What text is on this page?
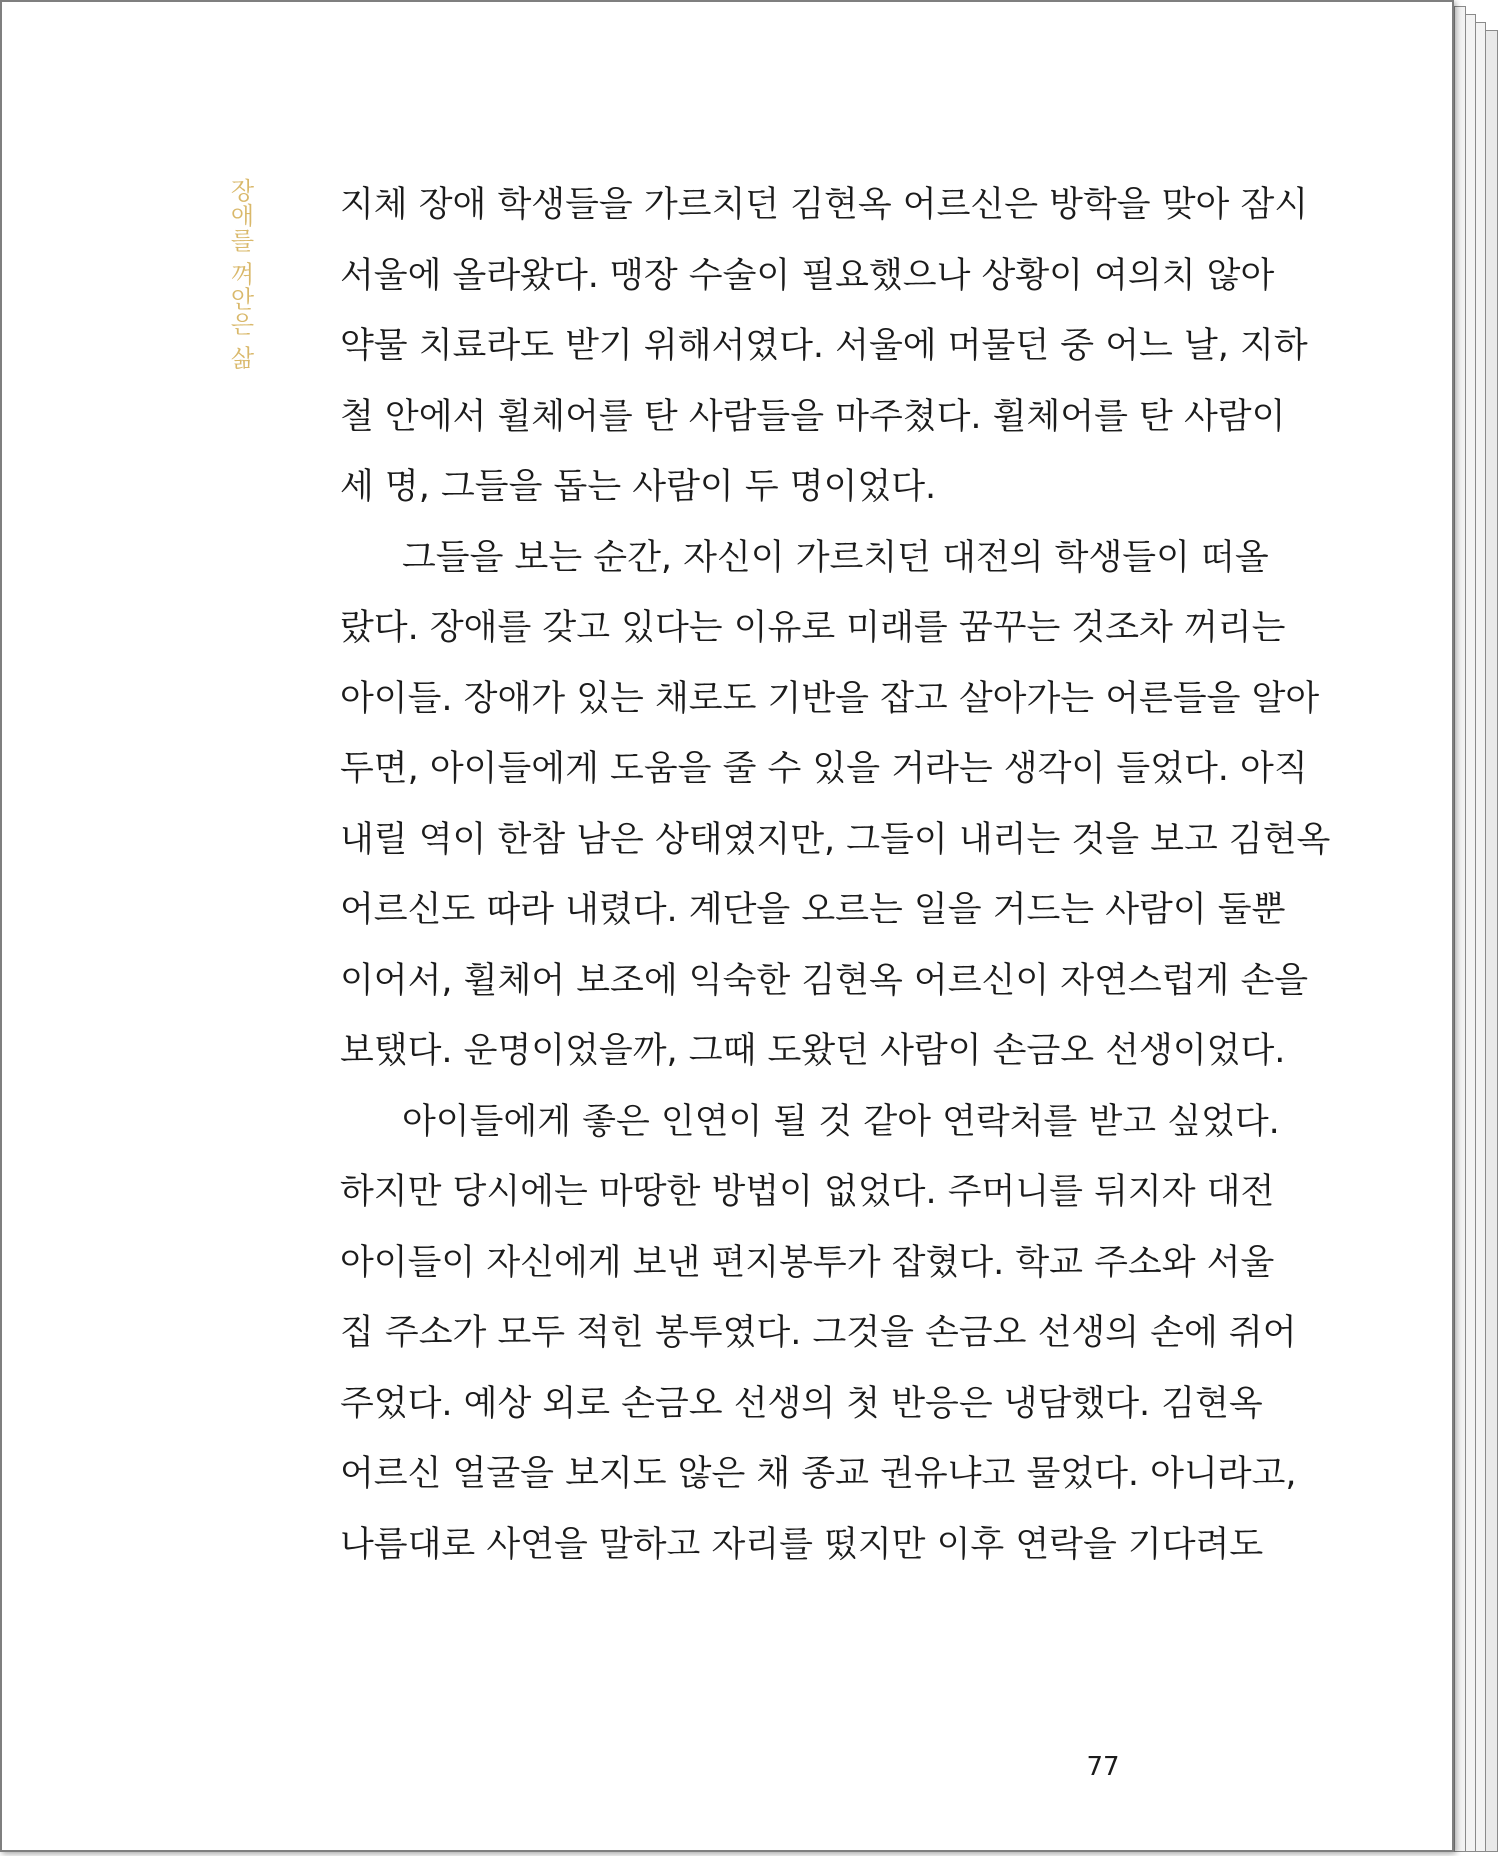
장애를 껴안은 삶 지체 장애 학생들을 가르치던 김현옥 어르신은 방학을 맞아 잠시
서울에 올라왔다. 맹장 수술이 필요했으나 상황이 여의치 않아
약물 치료라도 받기 위해서였다. 서울에 머물던 중 어느 날, 지하
철 안에서 휠체어를 탄 사람들을 마주쳤다. 휠체어를 탄 사람이
세 명, 그들을 돕는 사람이 두 명이었다.
그들을 보는 순간, 자신이 가르치던 대전의 학생들이 떠올
랐다. 장애를 갖고 있다는 이유로 미래를 꿈꾸는 것조차 꺼리는
아이들. 장애가 있는 채로도 기반을 잡고 살아가는 어른들을 알아
두면, 아이들에게 도움을 줄 수 있을 거라는 생각이 들었다. 아직
내릴 역이 한참 남은 상태였지만, 그들이 내리는 것을 보고 김현옥
어르신도 따라 내렸다. 계단을 오르는 일을 거드는 사람이 둘뿐
이어서, 휠체어 보조에 익숙한 김현옥 어르신이 자연스럽게 손을
보탰다. 운명이었을까, 그때 도왔던 사람이 손금오 선생이었다.
아이들에게 좋은 인연이 될 것 같아 연락처를 받고 싶었다.
하지만 당시에는 마땅한 방법이 없었다. 주머니를 뒤지자 대전
아이들이 자신에게 보낸 편지봉투가 잡혔다. 학교 주소와 서울
집 주소가 모두 적힌 봉투였다. 그것을 손금오 선생의 손에 쥐어
주었다. 예상 외로 손금오 선생의 첫 반응은 냉담했다. 김현옥
어르신 얼굴을 보지도 않은 채 종교 권유냐고 물었다. 아니라고,
나름대로 사연을 말하고 자리를 떴지만 이후 연락을 기다려도
77
